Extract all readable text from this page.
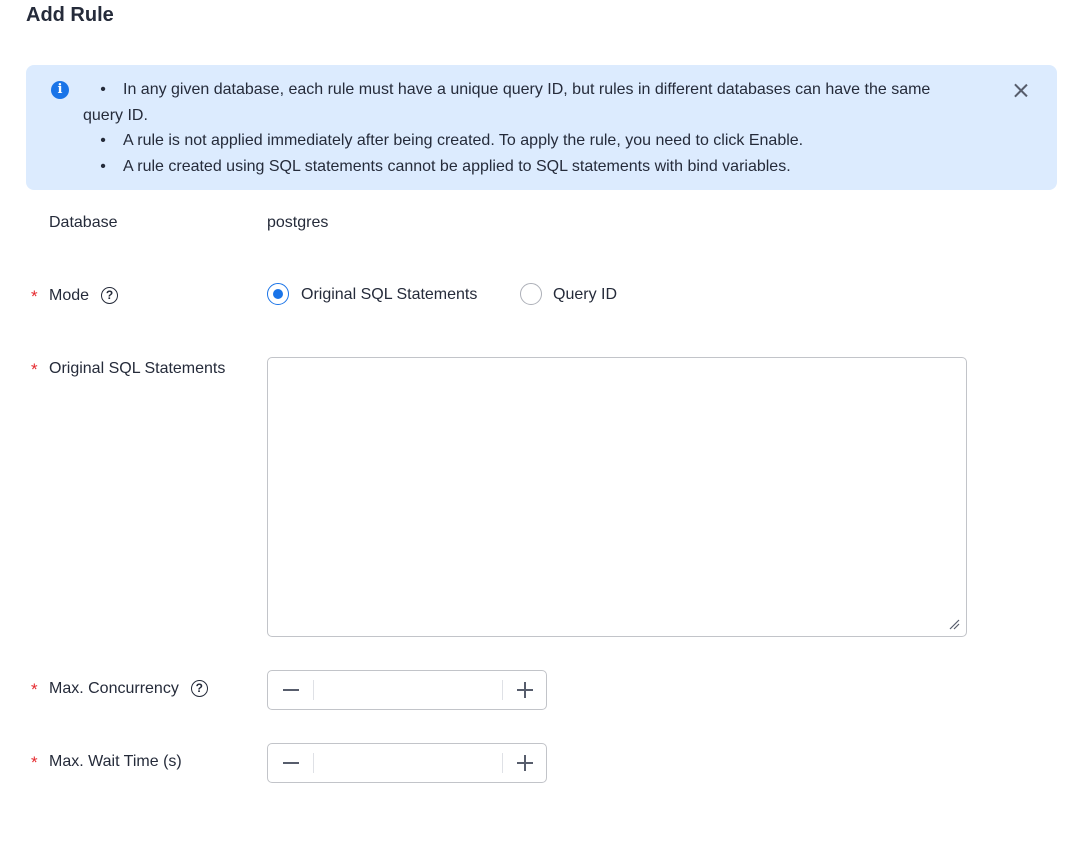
Add Rule
i	• In any given database, each rule must have a unique query ID, but rules in different databases can have the same
query ID.
• A rule is not applied immediately after being created. To apply the rule, you need to click Enable.
• A rule created using SQL statements cannot be applied to SQL statements with bind variables.
Database	postgres
* Mode ?	Original SQL Statements	Query ID
* Original SQL Statements
* Max. Concurrency ?
* Max. Wait Time (s)
